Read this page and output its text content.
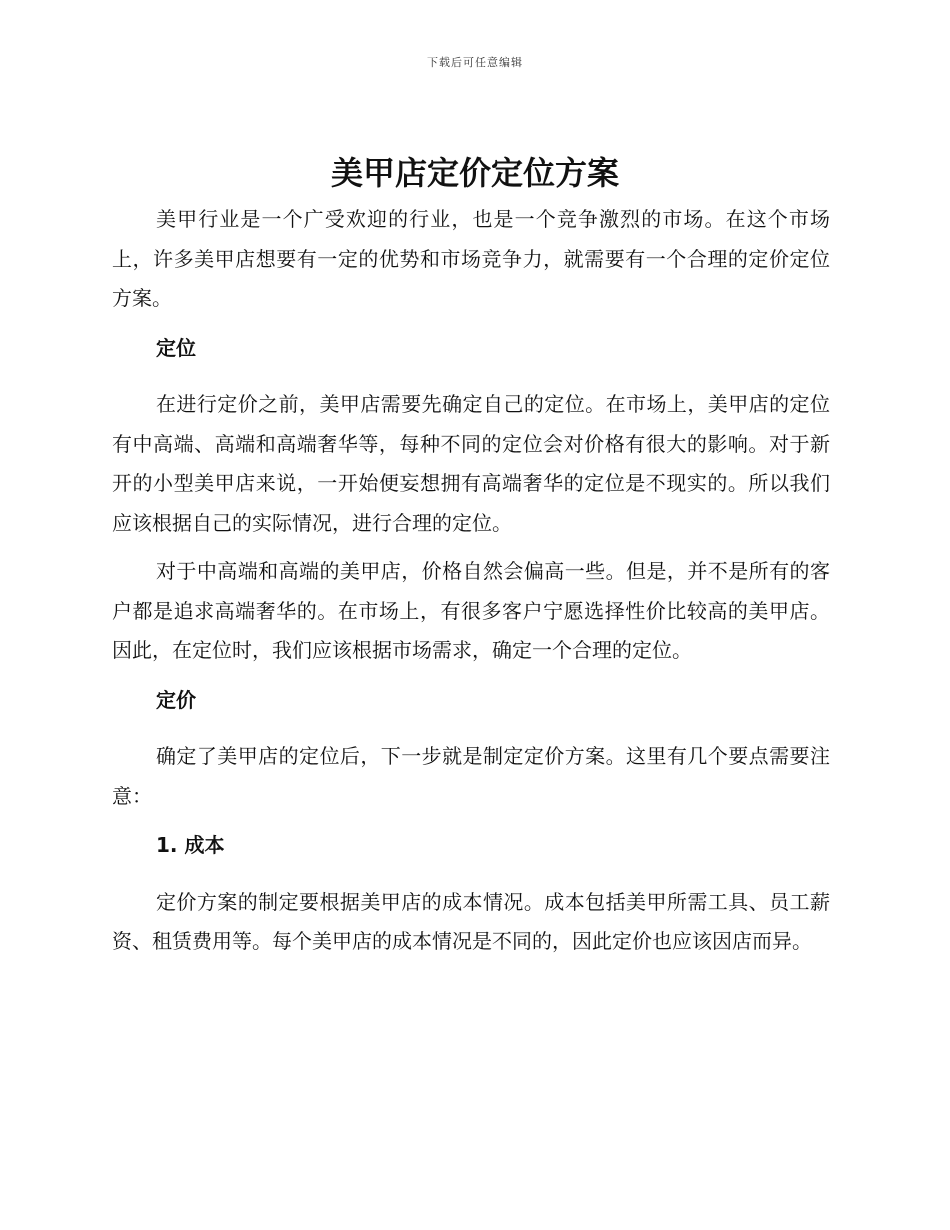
下载后可任意编辑
美甲店定价定位方案

美甲行业是一个广受欢迎的行业，也是一个竞争激烈的市场。在这个市场上，许多美甲店想要有一定的优势和市场竞争力，就需要有一个合理的定价定位方案。

定位

在进行定价之前，美甲店需要先确定自己的定位。在市场上，美甲店的定位有中高端、高端和高端奢华等，每种不同的定位会对价格有很大的影响。对于新开的小型美甲店来说，一开始便妄想拥有高端奢华的定位是不现实的。所以我们应该根据自己的实际情况，进行合理的定位。

对于中高端和高端的美甲店，价格自然会偏高一些。但是，并不是所有的客户都是追求高端奢华的。在市场上，有很多客户宁愿选择性价比较高的美甲店。因此，在定位时，我们应该根据市场需求，确定一个合理的定位。

定价

确定了美甲店的定位后，下一步就是制定定价方案。这里有几个要点需要注意：

1. 成本

定价方案的制定要根据美甲店的成本情况。成本包括美甲所需工具、员工薪资、租赁费用等。每个美甲店的成本情况是不同的，因此定价也应该因店而异。
